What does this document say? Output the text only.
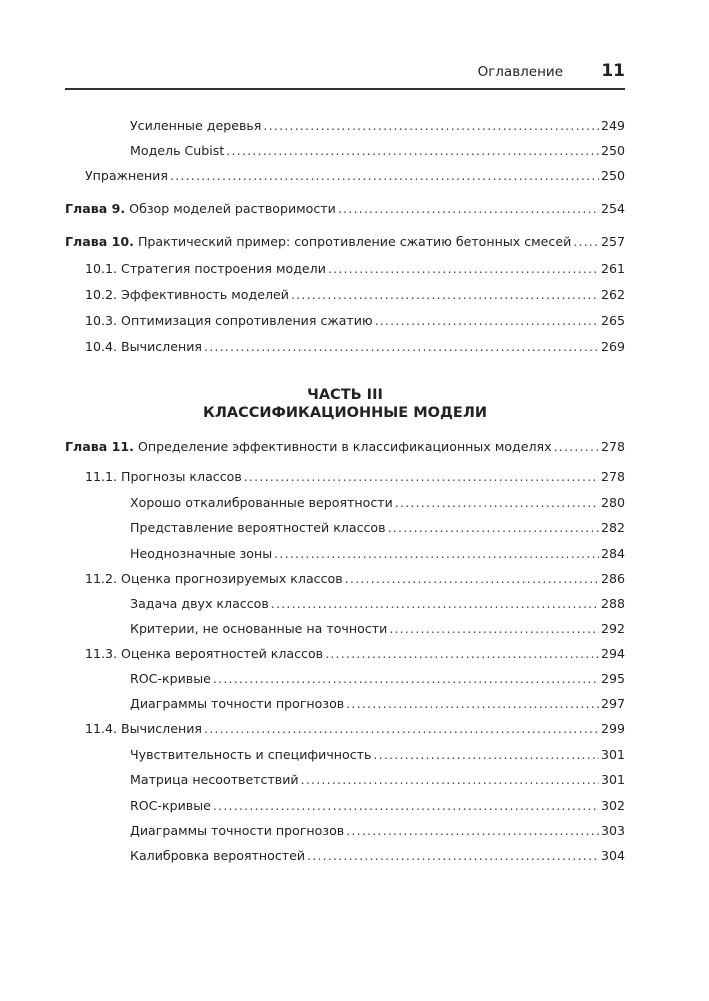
Оглавление 11
Усиленные деревья .....	249
Модель Cubist .....	250
Упражнения .....	250
Глава 9. Обзор моделей растворимости .....	254
Глава 10. Практический пример: сопротивление сжатию бетонных смесей ..... 257
10.1. Стратегия построения модели .....	261
10.2. Эффективность моделей .....	262
10.3. Оптимизация сопротивления сжатию .....	265
10.4. Вычисления .....	269
ЧАСТЬ III
КЛАССИФИКАЦИОННЫЕ МОДЕЛИ
Глава 11. Определение эффективности в классификационных моделях .....	278
11.1. Прогнозы классов .....	278
Хорошо откалиброванные вероятности .....	280
Представление вероятностей классов .....	282
Неоднозначные зоны .....	284
11.2. Оценка прогнозируемых классов .....	286
Задача двух классов .....	288
Критерии, не основанные на точности .....	292
11.3. Оценка вероятностей классов .....	294
ROC-кривые .....	295
Диаграммы точности прогнозов .....	297
11.4. Вычисления .....	299
Чувствительность и специфичность .....	301
Матрица несоответствий .....	301
ROC-кривые .....	302
Диаграммы точности прогнозов .....	303
Калибровка вероятностей .....	304
